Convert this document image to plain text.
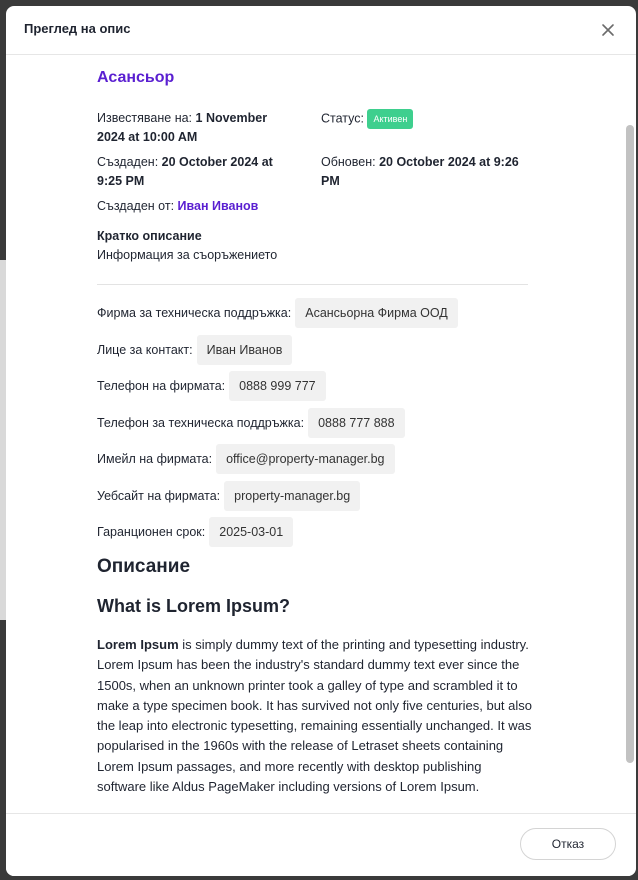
Преглед на опис
Асансьор
Известяване на: 1 November 2024 at 10:00 AM
Статус: Активен
Създаден: 20 October 2024 at 9:25 PM
Обновен: 20 October 2024 at 9:26 PM
Създаден от: Иван Иванов
Кратко описание
Информация за съоръжението
Фирма за техническа поддръжка:	Асансьорна Фирма ООД
Лице за контакт:	Иван Иванов
Телефон на фирмата:	0888 999 777
Телефон за техническа поддръжка:	0888 777 888
Имейл на фирмата:	office@property-manager.bg
Уебсайт на фирмата:	property-manager.bg
Гаранционен срок:	2025-03-01
Описание
What is Lorem Ipsum?
Lorem Ipsum is simply dummy text of the printing and typesetting industry. Lorem Ipsum has been the industry's standard dummy text ever since the 1500s, when an unknown printer took a galley of type and scrambled it to make a type specimen book. It has survived not only five centuries, but also the leap into electronic typesetting, remaining essentially unchanged. It was popularised in the 1960s with the release of Letraset sheets containing Lorem Ipsum passages, and more recently with desktop publishing software like Aldus PageMaker including versions of Lorem Ipsum.
Отказ
